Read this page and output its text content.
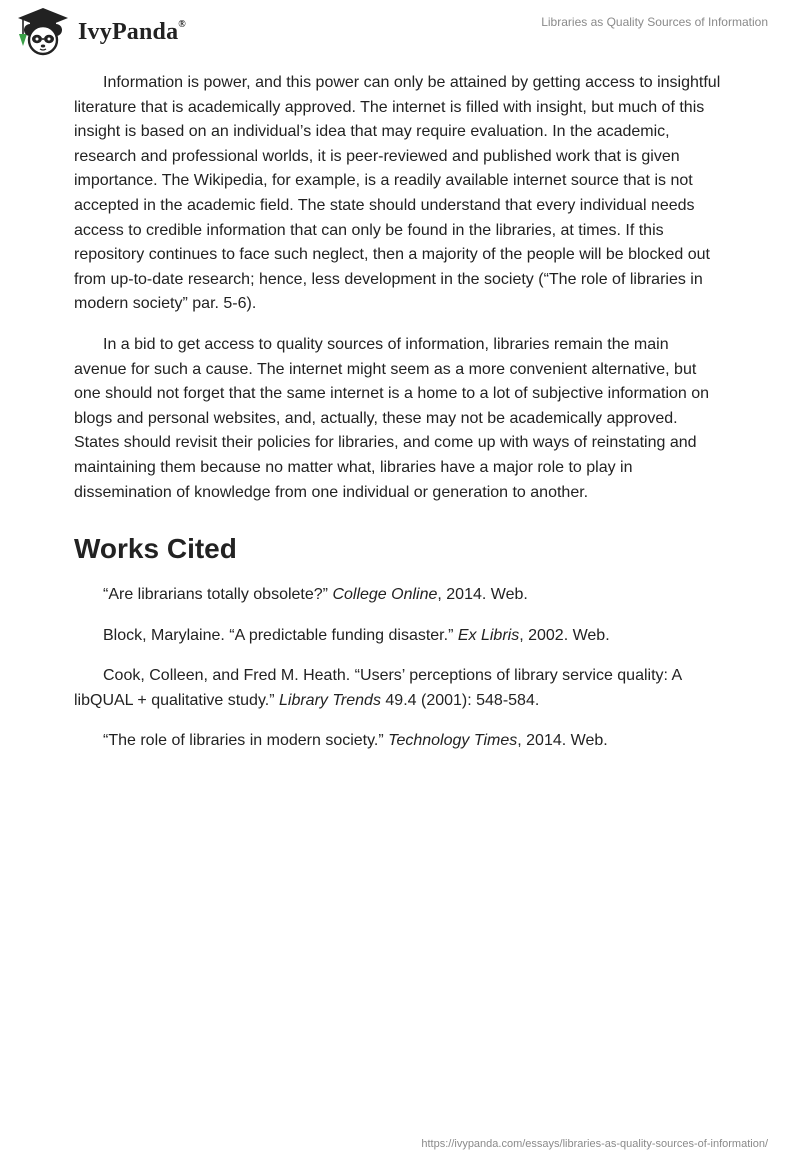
IvyPanda®	Libraries as Quality Sources of Information

Information is power, and this power can only be attained by getting access to insightful literature that is academically approved. The internet is filled with insight, but much of this insight is based on an individual’s idea that may require evaluation. In the academic, research and professional worlds, it is peer-reviewed and published work that is given importance. The Wikipedia, for example, is a readily available internet source that is not accepted in the academic field. The state should understand that every individual needs access to credible information that can only be found in the libraries, at times. If this repository continues to face such neglect, then a majority of the people will be blocked out from up-to-date research; hence, less development in the society (“The role of libraries in modern society” par. 5-6).

In a bid to get access to quality sources of information, libraries remain the main avenue for such a cause. The internet might seem as a more convenient alternative, but one should not forget that the same internet is a home to a lot of subjective information on blogs and personal websites, and, actually, these may not be academically approved. States should revisit their policies for libraries, and come up with ways of reinstating and maintaining them because no matter what, libraries have a major role to play in dissemination of knowledge from one individual or generation to another.

Works Cited

“Are librarians totally obsolete?” College Online, 2014. Web.

Block, Marylaine. “A predictable funding disaster.” Ex Libris, 2002. Web.

Cook, Colleen, and Fred M. Heath. “Users’ perceptions of library service quality: A libQUAL + qualitative study.” Library Trends 49.4 (2001): 548-584.

“The role of libraries in modern society.” Technology Times, 2014. Web.

https://ivypanda.com/essays/libraries-as-quality-sources-of-information/
